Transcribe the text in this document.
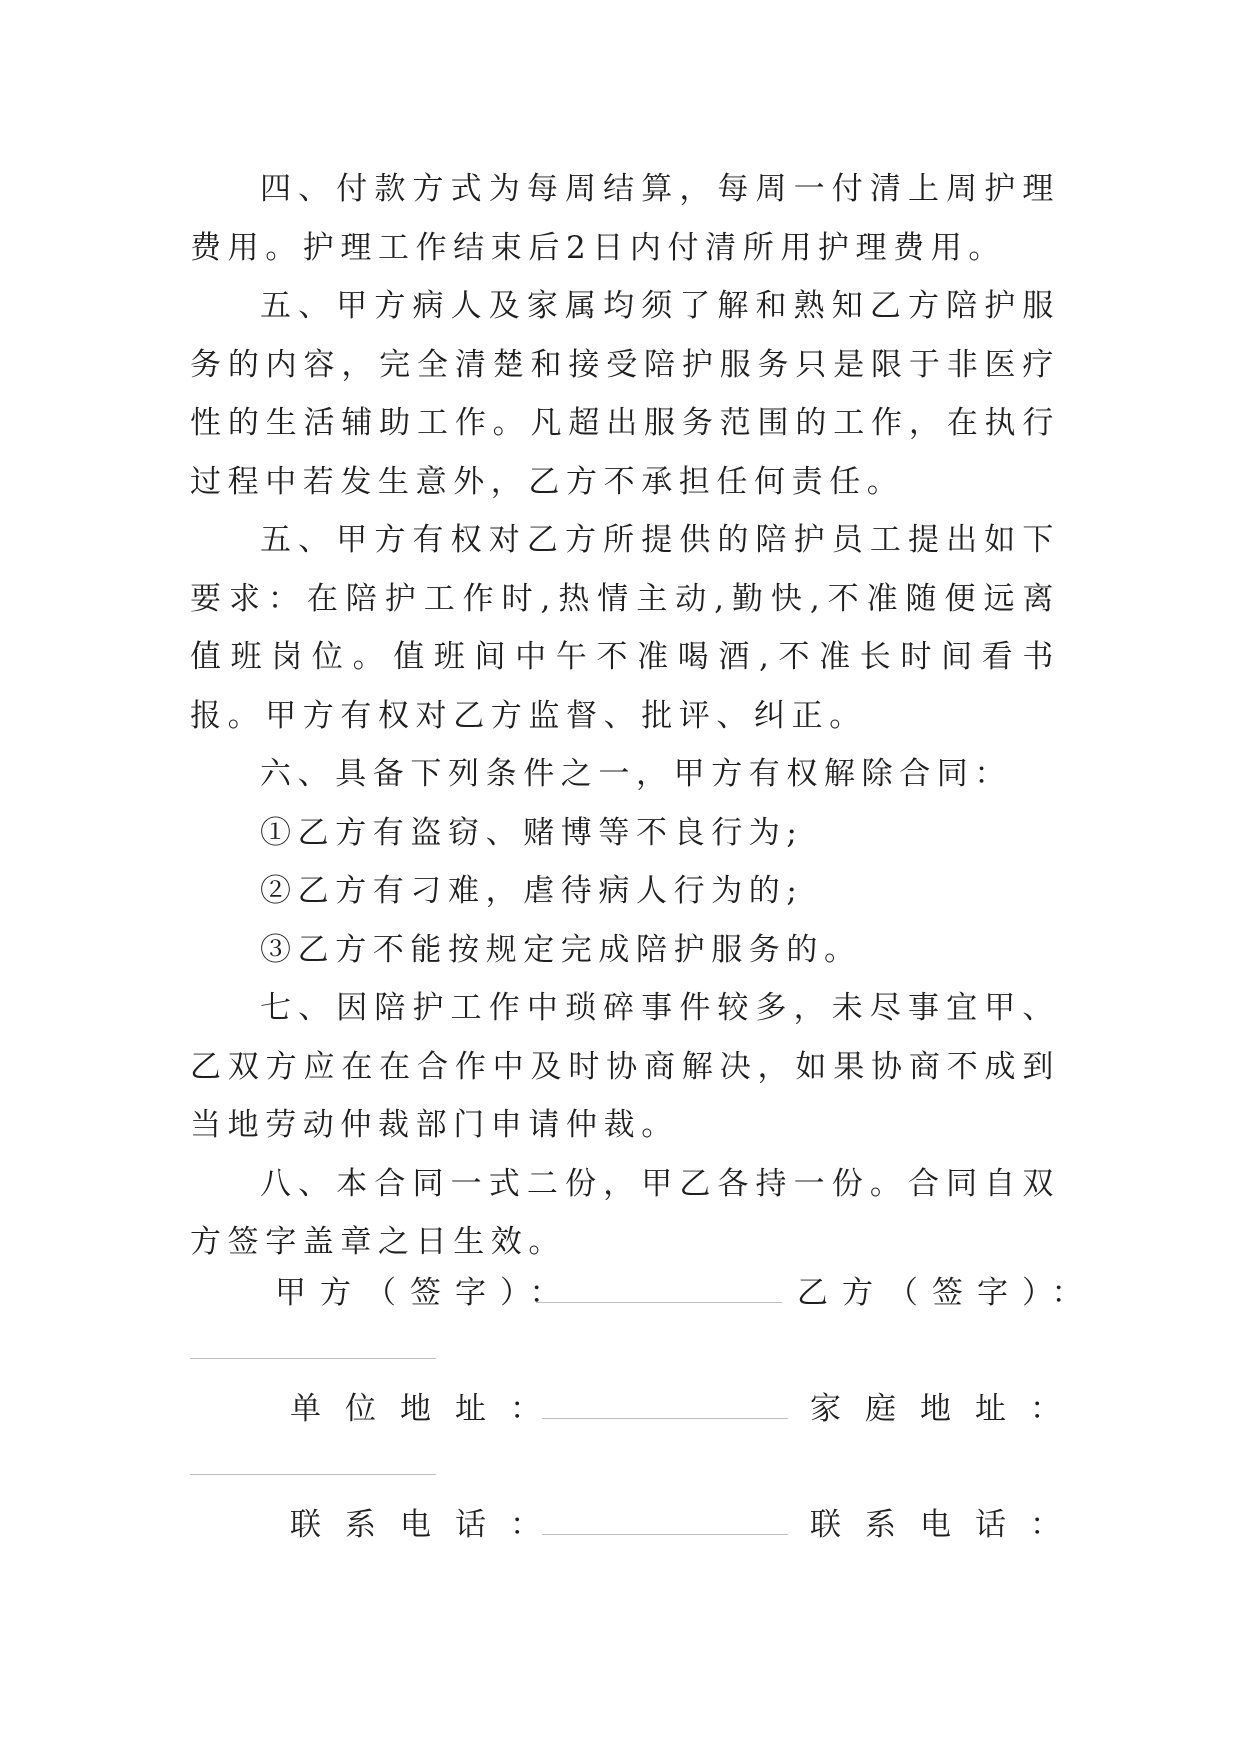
四、付款方式为每周结算，每周一付清上周护理费用。护理工作结束后2日内付清所用护理费用。

五、甲方病人及家属均须了解和熟知乙方陪护服务的内容，完全清楚和接受陪护服务只是限于非医疗性的生活辅助工作。凡超出服务范围的工作，在执行过程中若发生意外，乙方不承担任何责任。

五、甲方有权对乙方所提供的陪护员工提出如下要求：在陪护工作时,热情主动,勤快,不准随便远离值班岗位。值班间中午不准喝酒,不准长时间看书报。甲方有权对乙方监督、批评、纠正。

六、具备下列条件之一，甲方有权解除合同：

①乙方有盗窃、赌博等不良行为;

②乙方有刁难，虐待病人行为的;

③乙方不能按规定完成陪护服务的。

七、因陪护工作中琐碎事件较多，未尽事宜甲、乙双方应在在合作中及时协商解决，如果协商不成到当地劳动仲裁部门申请仲裁。

八、本合同一式二份，甲乙各持一份。合同自双方签字盖章之日生效。

甲方（签字）：	乙方（签字）：
单位地址：	家庭地址：
联系电话：	联系电话：
